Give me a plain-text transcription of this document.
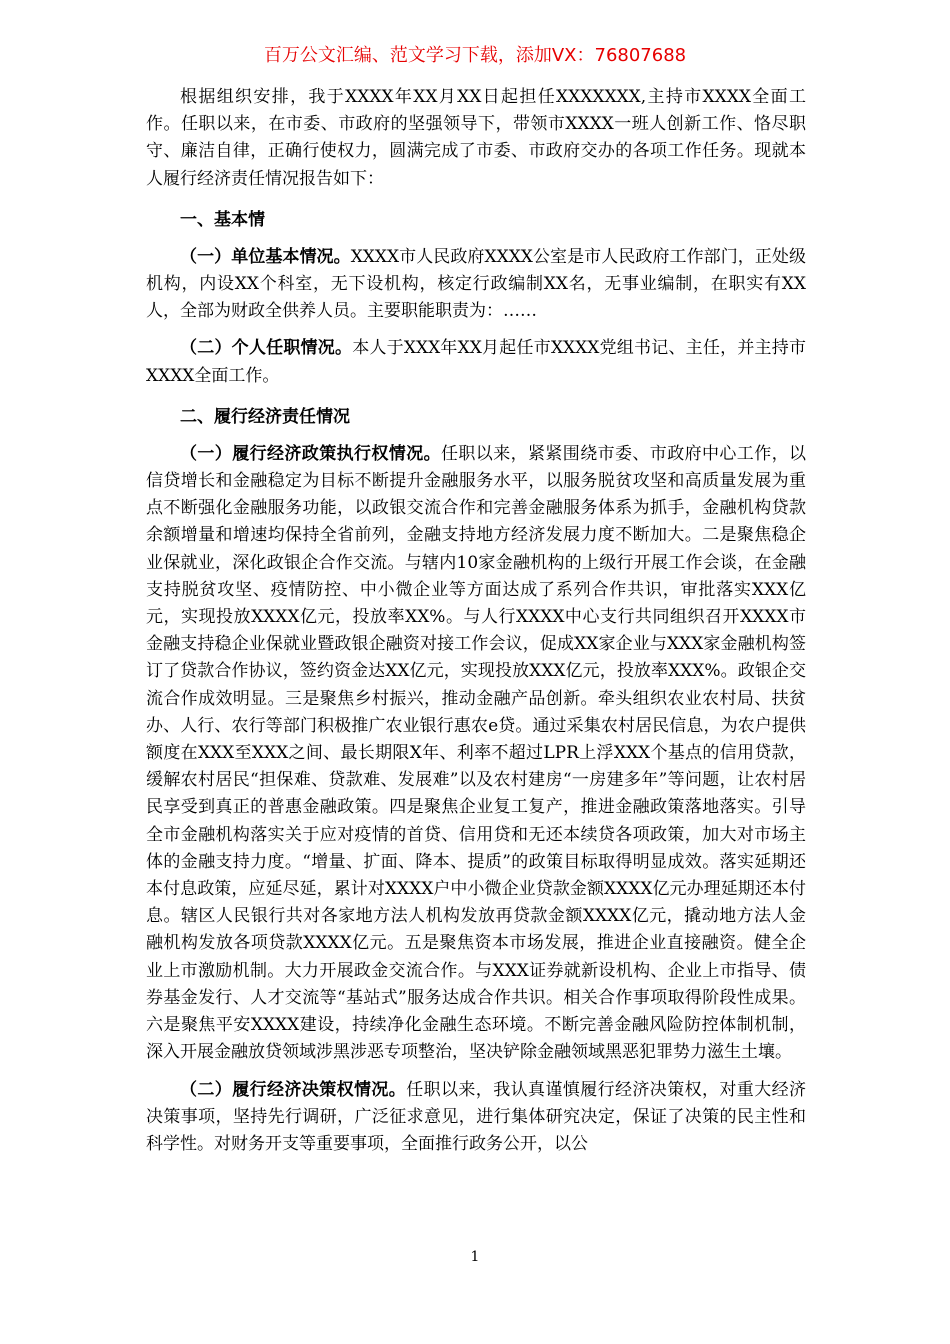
百万公文汇编、范文学习下载，添加VX：76807688

根据组织安排，我于XXXX年XX月XX日起担任XXXXXXX,主持市XXXX全面工作。任职以来，在市委、市政府的坚强领导下，带领市XXXX一班人创新工作、恪尽职守、廉洁自律，正确行使权力，圆满完成了市委、市政府交办的各项工作任务。现就本人履行经济责任情况报告如下：

一、基本情

（一）单位基本情况。XXXX市人民政府XXXX公室是市人民政府工作部门，正处级机构，内设XX个科室，无下设机构，核定行政编制XX名，无事业编制，在职实有XX人，全部为财政全供养人员。主要职能职责为：……

（二）个人任职情况。本人于XXX年XX月起任市XXXX党组书记、主任，并主持市XXXX全面工作。

二、履行经济责任情况

（一）履行经济政策执行权情况。任职以来，紧紧围绕市委、市政府中心工作，以信贷增长和金融稳定为目标不断提升金融服务水平，以服务脱贫攻坚和高质量发展为重点不断强化金融服务功能，以政银交流合作和完善金融服务体系为抓手，金融机构贷款余额增量和增速均保持全省前列，金融支持地方经济发展力度不断加大。二是聚焦稳企业保就业，深化政银企合作交流。与辖内10家金融机构的上级行开展工作会谈，在金融支持脱贫攻坚、疫情防控、中小微企业等方面达成了系列合作共识，审批落实XXX亿元，实现投放XXXX亿元，投放率XX%。与人行XXXX中心支行共同组织召开XXXX市金融支持稳企业保就业暨政银企融资对接工作会议，促成XX家企业与XXX家金融机构签订了贷款合作协议，签约资金达XX亿元，实现投放XXX亿元，投放率XXX%。政银企交流合作成效明显。三是聚焦乡村振兴，推动金融产品创新。牵头组织农业农村局、扶贫办、人行、农行等部门积极推广农业银行惠农e贷。通过采集农村居民信息，为农户提供额度在XXX至XXX之间、最长期限X年、利率不超过LPR上浮XXX个基点的信用贷款，缓解农村居民“担保难、贷款难、发展难”以及农村建房“一房建多年”等问题，让农村居民享受到真正的普惠金融政策。四是聚焦企业复工复产，推进金融政策落地落实。引导全市金融机构落实关于应对疫情的首贷、信用贷和无还本续贷各项政策，加大对市场主体的金融支持力度。“增量、扩面、降本、提质”的政策目标取得明显成效。落实延期还本付息政策，应延尽延，累计对XXXX户中小微企业贷款金额XXXX亿元办理延期还本付息。辖区人民银行共对各家地方法人机构发放再贷款金额XXXX亿元，撬动地方法人金融机构发放各项贷款XXXX亿元。五是聚焦资本市场发展，推进企业直接融资。健全企业上市激励机制。大力开展政金交流合作。与XXX证券就新设机构、企业上市指导、债券基金发行、人才交流等“基站式”服务达成合作共识。相关合作事项取得阶段性成果。六是聚焦平安XXXX建设，持续净化金融生态环境。不断完善金融风险防控体制机制，深入开展金融放贷领域涉黑涉恶专项整治，坚决铲除金融领域黑恶犯罪势力滋生土壤。

（二）履行经济决策权情况。任职以来，我认真谨慎履行经济决策权，对重大经济决策事项，坚持先行调研，广泛征求意见，进行集体研究决定，保证了决策的民主性和科学性。对财务开支等重要事项，全面推行政务公开，以公

1
